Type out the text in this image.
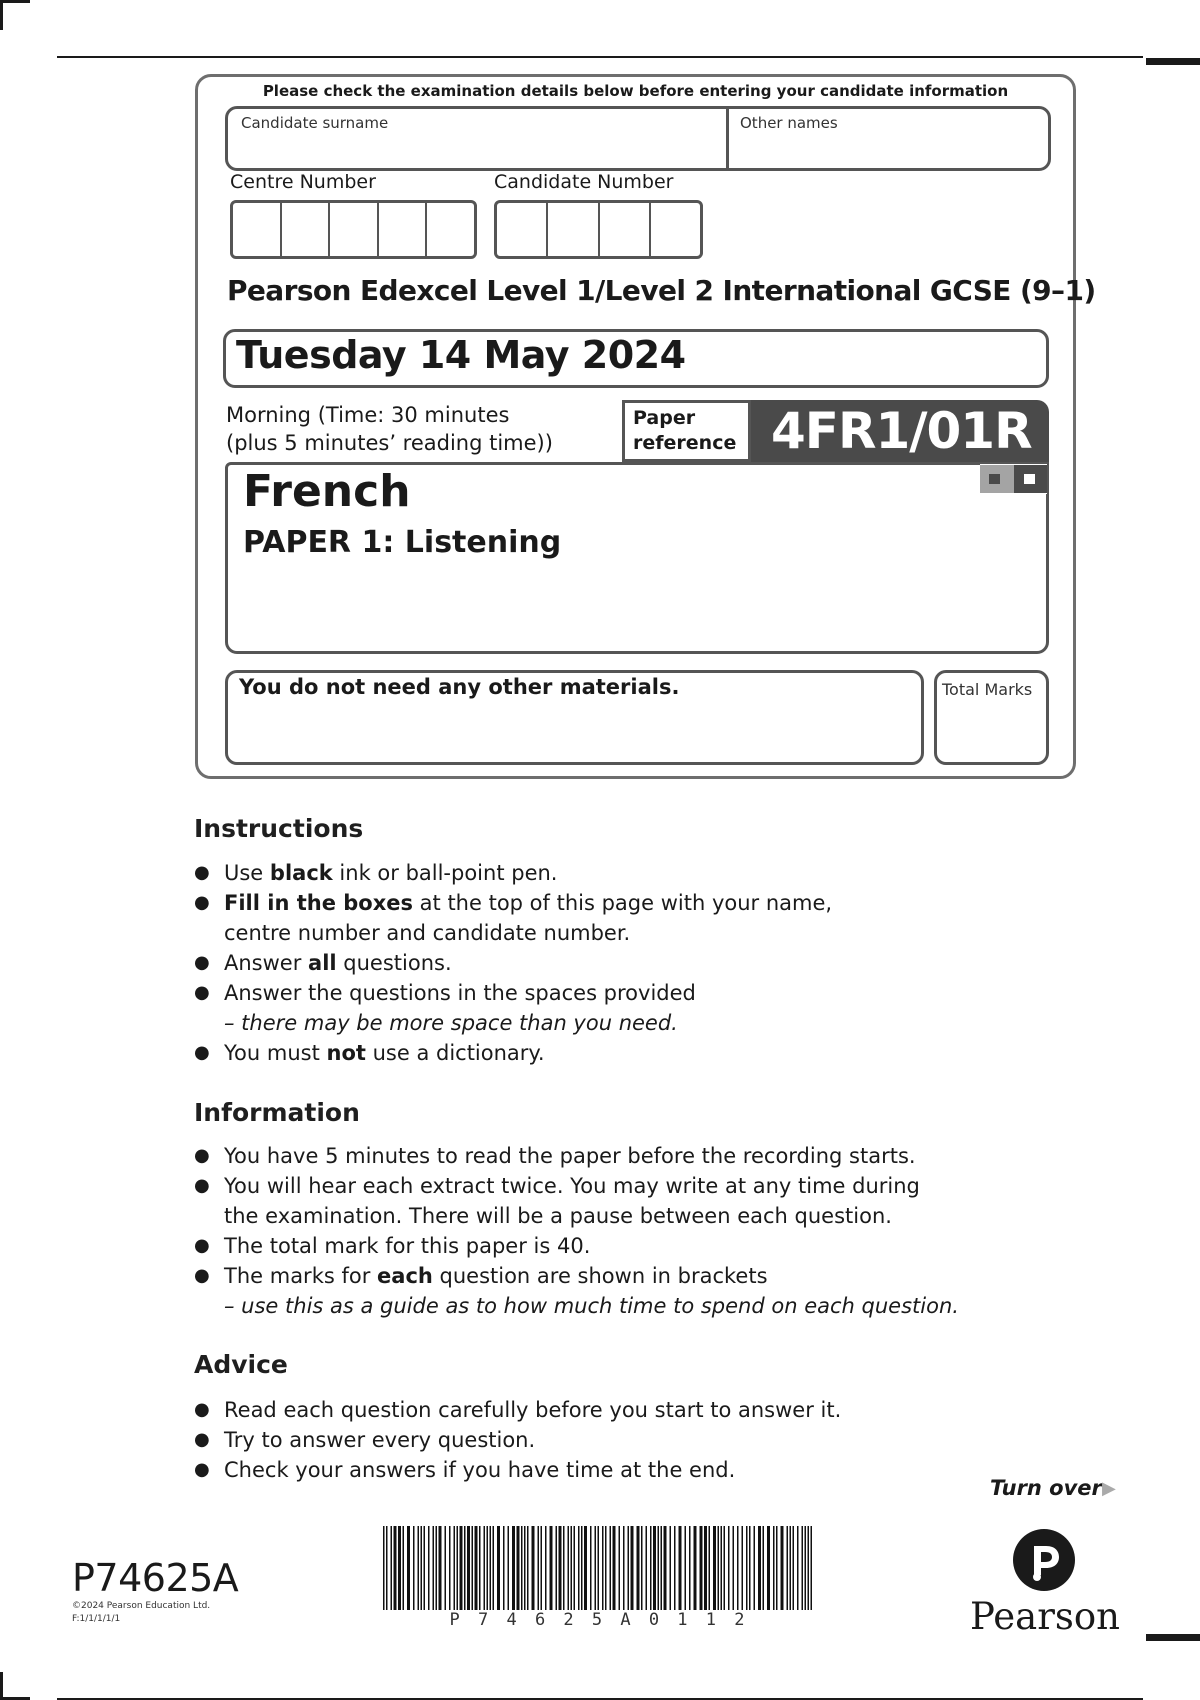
Please check the examination details below before entering your candidate information
Candidate surname	Other names
Centre Number	Candidate Number
Pearson Edexcel Level 1/Level 2 International GCSE (9–1)
Tuesday 14 May 2024
Morning (Time: 30 minutes
(plus 5 minutes’ reading time))
Paper
reference 4FR1/01R
French
PAPER 1: Listening
You do not need any other materials.	Total Marks
Instructions
● Use black ink or ball-point pen.
● Fill in the boxes at the top of this page with your name,
centre number and candidate number.
● Answer all questions.
● Answer the questions in the spaces provided
– there may be more space than you need.
● You must not use a dictionary.
Information
● You have 5 minutes to read the paper before the recording starts.
● You will hear each extract twice. You may write at any time during
the examination. There will be a pause between each question.
● The total mark for this paper is 40.
● The marks for each question are shown in brackets
– use this as a guide as to how much time to spend on each question.
Advice
● Read each question carefully before you start to answer it.
● Try to answer every question.
● Check your answers if you have time at the end.
Turn over ▶
P74625A
©2024 Pearson Education Ltd.
F:1/1/1/1/1	P 7 4 6 2 5 A 0 1 1 2	Pearson
